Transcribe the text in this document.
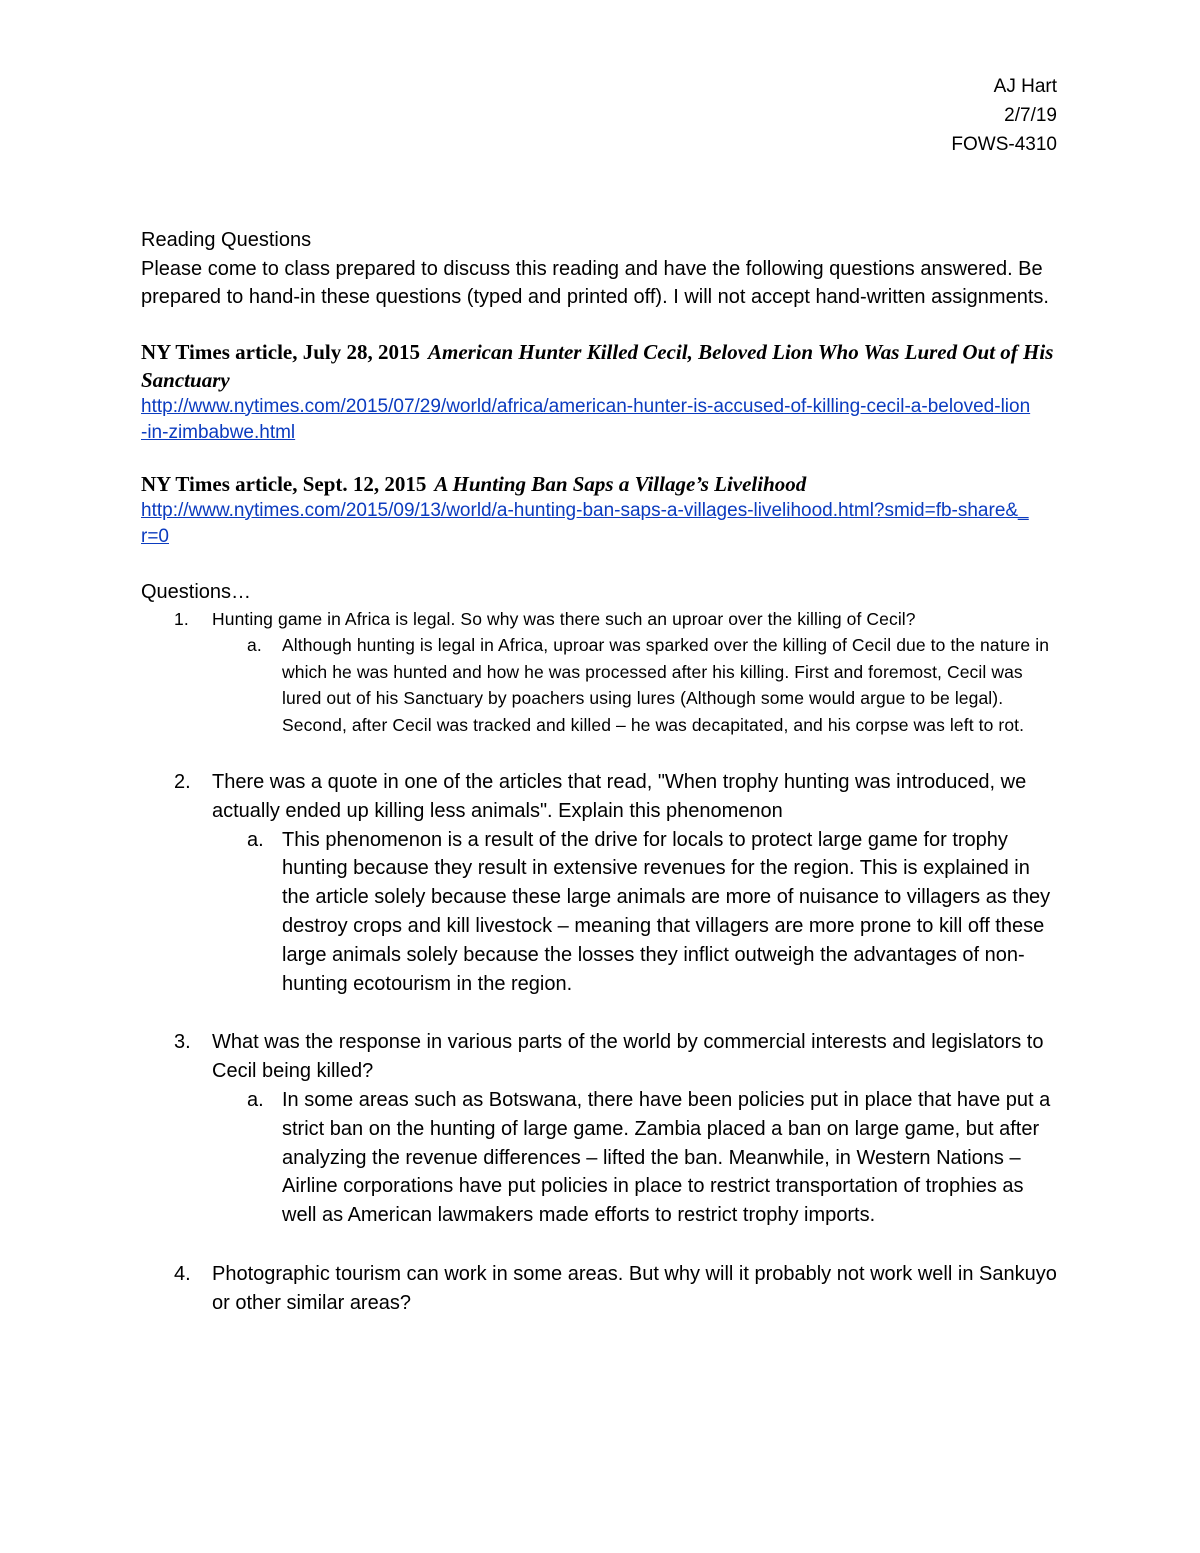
AJ Hart
2/7/19
FOWS-4310
Reading Questions
Please come to class prepared to discuss this reading and have the following questions answered. Be prepared to hand-in these questions (typed and printed off). I will not accept hand-written assignments.
NY Times article, July 28, 2015 American Hunter Killed Cecil, Beloved Lion Who Was Lured Out of His Sanctuary
http://www.nytimes.com/2015/07/29/world/africa/american-hunter-is-accused-of-killing-cecil-a-beloved-lion-in-zimbabwe.html
NY Times article, Sept. 12, 2015 A Hunting Ban Saps a Village’s Livelihood
http://www.nytimes.com/2015/09/13/world/a-hunting-ban-saps-a-villages-livelihood.html?smid=fb-share&_r=0
Questions…
1. Hunting game in Africa is legal. So why was there such an uproar over the killing of Cecil?
a. Although hunting is legal in Africa, uproar was sparked over the killing of Cecil due to the nature in which he was hunted and how he was processed after his killing. First and foremost, Cecil was lured out of his Sanctuary by poachers using lures (Although some would argue to be legal). Second, after Cecil was tracked and killed – he was decapitated, and his corpse was left to rot.
2. There was a quote in one of the articles that read, "When trophy hunting was introduced, we actually ended up killing less animals". Explain this phenomenon
a. This phenomenon is a result of the drive for locals to protect large game for trophy hunting because they result in extensive revenues for the region. This is explained in the article solely because these large animals are more of nuisance to villagers as they destroy crops and kill livestock – meaning that villagers are more prone to kill off these large animals solely because the losses they inflict outweigh the advantages of non-hunting ecotourism in the region.
3. What was the response in various parts of the world by commercial interests and legislators to Cecil being killed?
a. In some areas such as Botswana, there have been policies put in place that have put a strict ban on the hunting of large game. Zambia placed a ban on large game, but after analyzing the revenue differences – lifted the ban. Meanwhile, in Western Nations – Airline corporations have put policies in place to restrict transportation of trophies as well as American lawmakers made efforts to restrict trophy imports.
4. Photographic tourism can work in some areas. But why will it probably not work well in Sankuyo or other similar areas?
